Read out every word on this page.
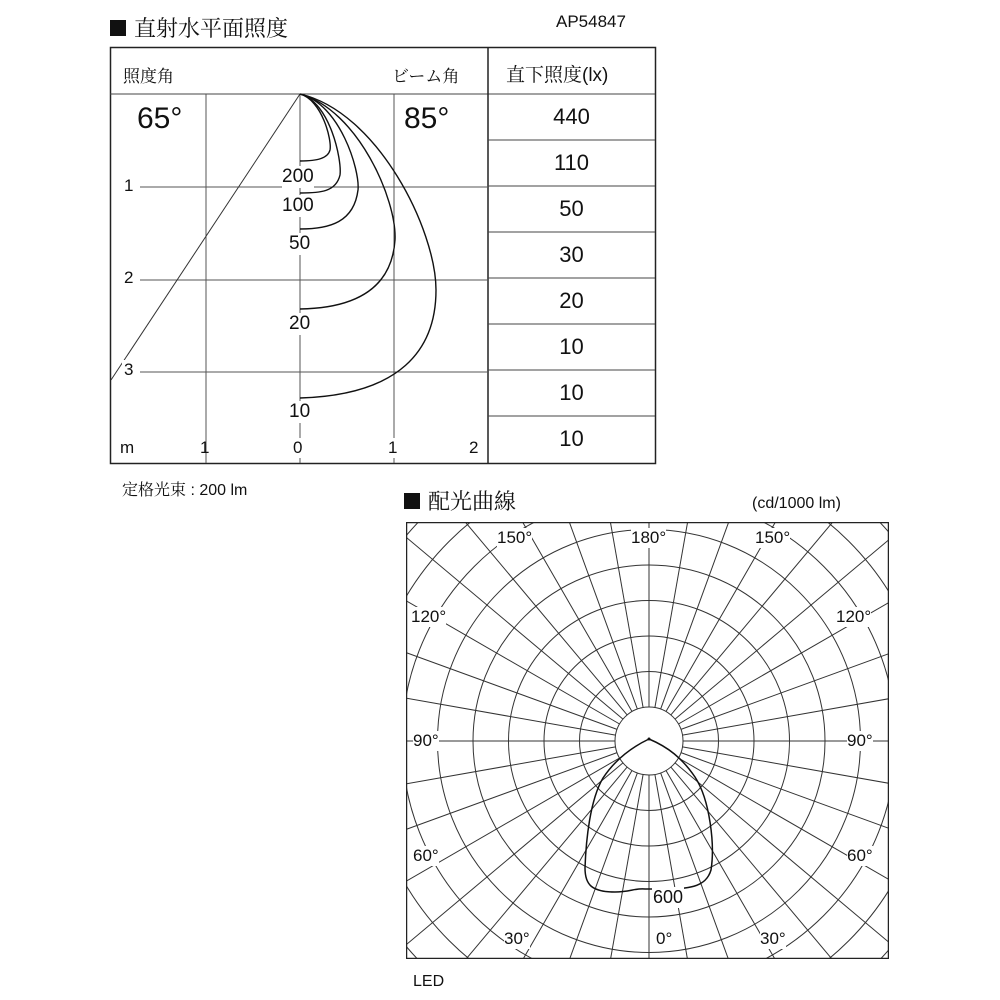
直射水平面照度	AP54847
照度角	ビーム角 直下照度(lx)
65°	85°
1
2
3
m	1	0	1	2
200
100
50
20
10
440
110
50
30
20
10
10
10
定格光束 : 200 lm	配光曲線	(cd/1000 lm)
150°	180°	150°
120°	120°
90°	90°
60°	60°
30°	0°	30°
600
LED
